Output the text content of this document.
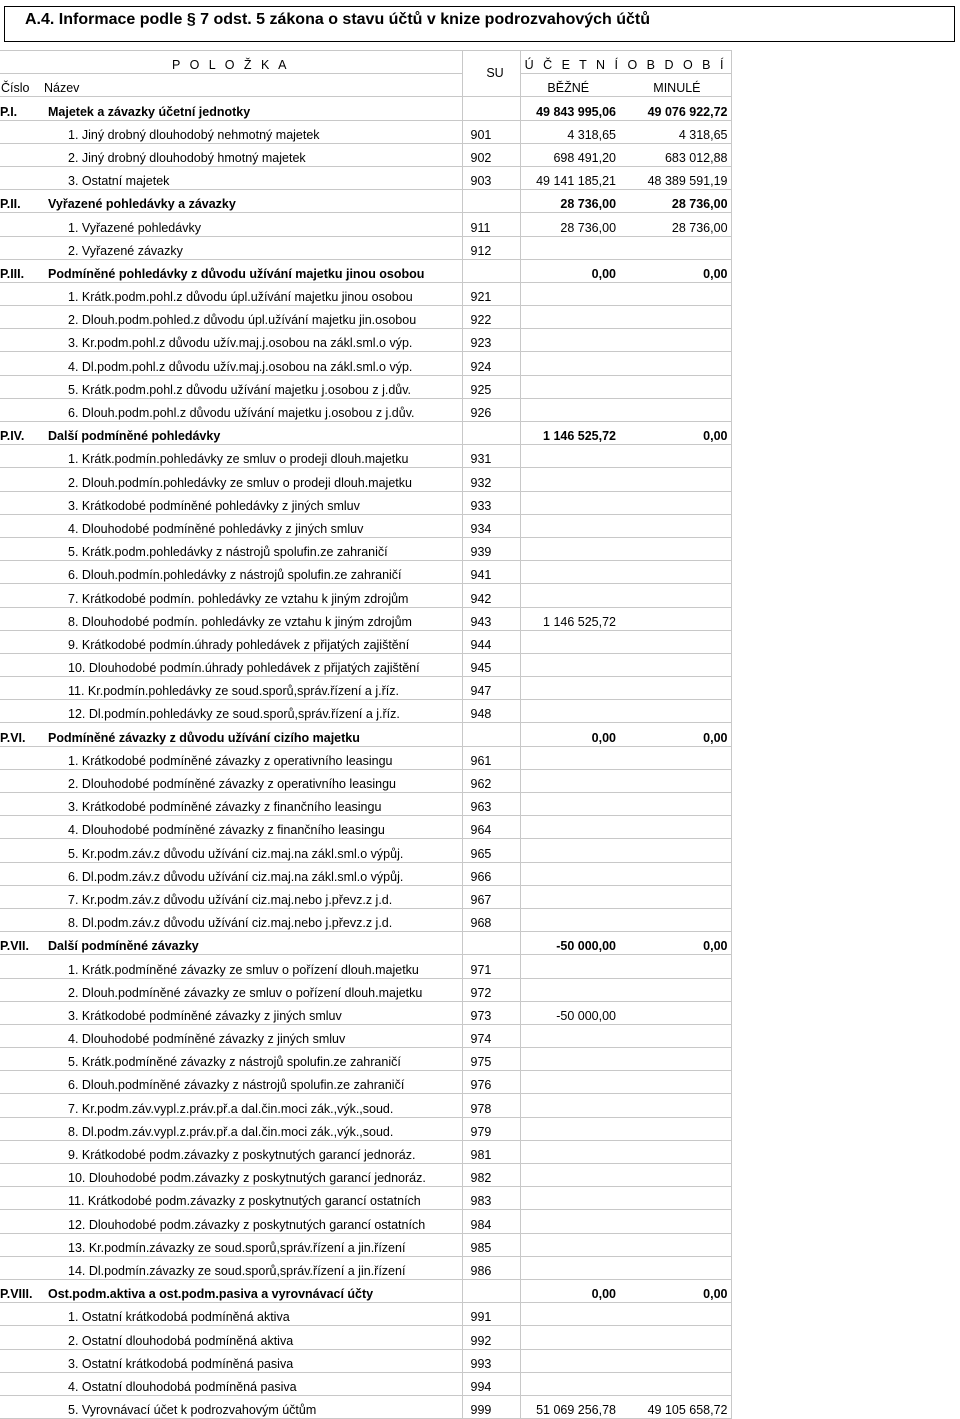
A.4. Informace podle § 7 odst. 5 zákona o stavu účtů v knize podrozvahových účtů
P O L O Ž K A		SU	Ú Č E T N Í O B D O B Í	
Číslo	Název		BĚŽNÉ	MINULÉ
P.I.	Majetek a závazky účetní jednotky		49 843 995,06	49 076 922,72
	1. Jiný drobný dlouhodobý nehmotný majetek	901	4 318,65	4 318,65
	2. Jiný drobný dlouhodobý hmotný majetek	902	698 491,20	683 012,88
	3. Ostatní majetek	903	49 141 185,21	48 389 591,19
P.II.	Vyřazené pohledávky a závazky		28 736,00	28 736,00
	1. Vyřazené pohledávky	911	28 736,00	28 736,00
	2. Vyřazené závazky	912		
P.III.	Podmíněné pohledávky z důvodu užívání majetku jinou osobou		0,00	0,00
	1. Krátk.podm.pohl.z důvodu úpl.užívání majetku jinou osobou	921		
	2. Dlouh.podm.pohled.z důvodu úpl.užívání majetku jin.osobou	922		
	3. Kr.podm.pohl.z důvodu užív.maj.j.osobou na zákl.sml.o výp.	923		
	4. Dl.podm.pohl.z důvodu užív.maj.j.osobou na zákl.sml.o výp.	924		
	5. Krátk.podm.pohl.z důvodu užívání majetku j.osobou z j.dův.	925		
	6. Dlouh.podm.pohl.z důvodu užívání majetku j.osobou z j.dův.	926		
P.IV.	Další podmíněné pohledávky		1 146 525,72	0,00
	1. Krátk.podmín.pohledávky ze smluv o prodeji dlouh.majetku	931		
	2. Dlouh.podmín.pohledávky ze smluv o prodeji dlouh.majetku	932		
	3. Krátkodobé podmíněné pohledávky z jiných smluv	933		
	4. Dlouhodobé podmíněné pohledávky z jiných smluv	934		
	5. Krátk.podm.pohledávky z nástrojů spolufin.ze zahraničí	939		
	6. Dlouh.podmín.pohledávky z nástrojů spolufin.ze zahraničí	941		
	7. Krátkodobé podmín. pohledávky ze vztahu k jiným zdrojům	942		
	8. Dlouhodobé podmín. pohledávky ze vztahu k jiným zdrojům	943	1 146 525,72	
	9. Krátkodobé podmín.úhrady pohledávek z přijatých zajištění	944		
	10. Dlouhodobé podmín.úhrady pohledávek z přijatých zajištění	945		
	11. Kr.podmín.pohledávky ze soud.sporů,správ.řízení a j.říz.	947		
	12. Dl.podmín.pohledávky ze soud.sporů,správ.řízení a j.říz.	948		
P.VI.	Podmíněné závazky z důvodu užívání cizího majetku		0,00	0,00
	1. Krátkodobé podmíněné závazky z operativního leasingu	961		
	2. Dlouhodobé podmíněné závazky z operativního leasingu	962		
	3. Krátkodobé podmíněné závazky z finančního leasingu	963		
	4. Dlouhodobé podmíněné závazky z finančního leasingu	964		
	5. Kr.podm.záv.z důvodu užívání ciz.maj.na zákl.sml.o výpůj.	965		
	6. Dl.podm.záv.z důvodu užívání ciz.maj.na zákl.sml.o výpůj.	966		
	7. Kr.podm.záv.z důvodu užívání ciz.maj.nebo j.převz.z j.d.	967		
	8. Dl.podm.záv.z důvodu užívání ciz.maj.nebo j.převz.z j.d.	968		
P.VII.	Další podmíněné závazky		-50 000,00	0,00
	1. Krátk.podmíněné závazky ze smluv o pořízení dlouh.majetku	971		
	2. Dlouh.podmíněné závazky ze smluv o pořízení dlouh.majetku	972		
	3. Krátkodobé podmíněné závazky z jiných smluv	973	-50 000,00	
	4. Dlouhodobé podmíněné závazky z jiných smluv	974		
	5. Krátk.podmíněné závazky z nástrojů spolufin.ze zahraničí	975		
	6. Dlouh.podmíněné závazky z nástrojů spolufin.ze zahraničí	976		
	7. Kr.podm.záv.vypl.z.práv.př.a dal.čin.moci zák.,výk.,soud.	978		
	8. Dl.podm.záv.vypl.z.práv.př.a dal.čin.moci zák.,výk.,soud.	979		
	9. Krátkodobé podm.závazky z poskytnutých garancí jednoráz.	981		
	10. Dlouhodobé podm.závazky z poskytnutých garancí jednoráz.	982		
	11. Krátkodobé podm.závazky z poskytnutých garancí ostatních	983		
	12. Dlouhodobé podm.závazky z poskytnutých garancí ostatních	984		
	13. Kr.podmín.závazky ze soud.sporů,správ.řízení a jin.řízení	985		
	14. Dl.podmín.závazky ze soud.sporů,správ.řízení a jin.řízení	986		
P.VIII.	Ost.podm.aktiva a ost.podm.pasiva a vyrovnávací účty		0,00	0,00
	1. Ostatní krátkodobá podmíněná aktiva	991		
	2. Ostatní dlouhodobá podmíněná aktiva	992		
	3. Ostatní krátkodobá podmíněná pasiva	993		
	4. Ostatní dlouhodobá podmíněná pasiva	994		
	5. Vyrovnávací účet k podrozvahovým účtům	999	51 069 256,78	49 105 658,72
